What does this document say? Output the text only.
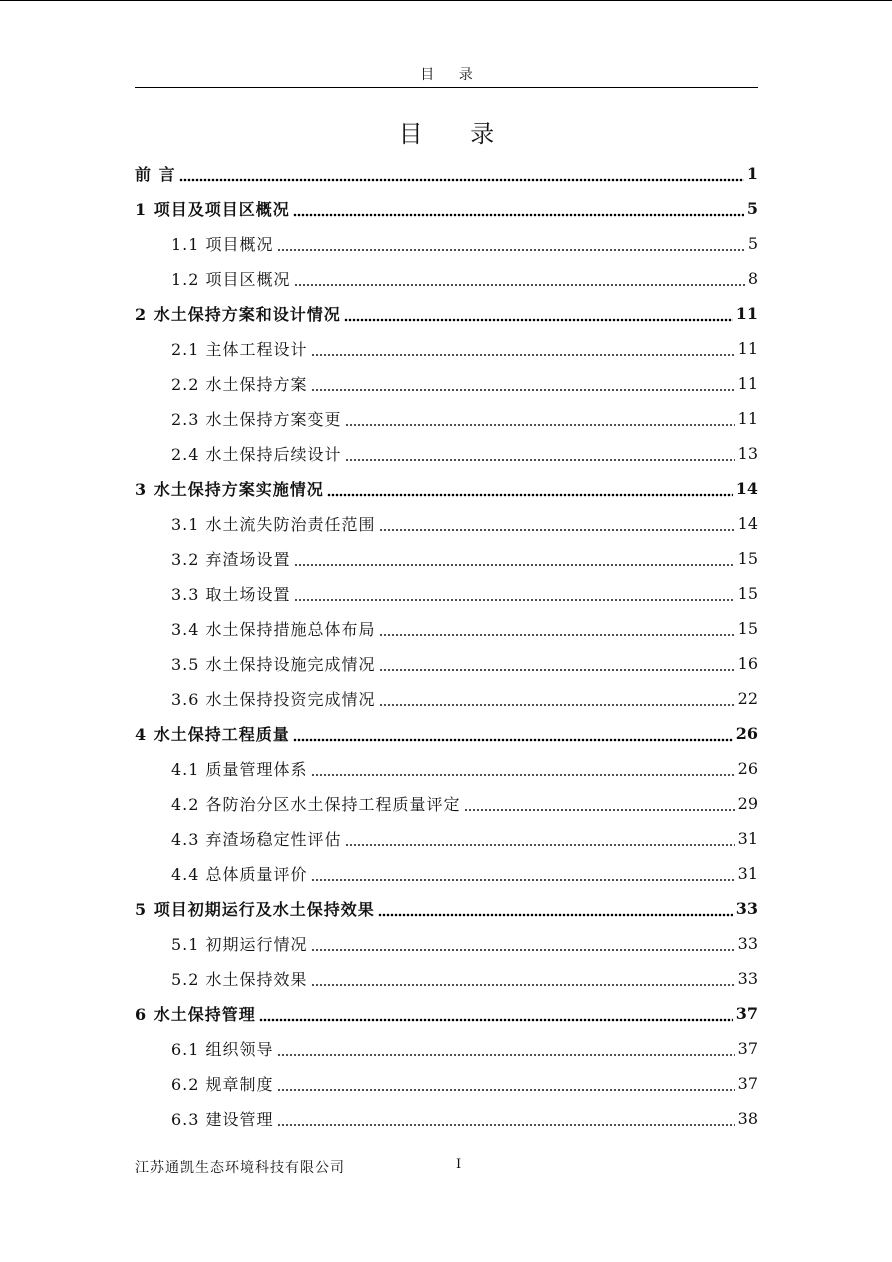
目 录
目 录
前 言	1
1 项目及项目区概况	5
1.1 项目概况	5
1.2 项目区概况	8
2 水土保持方案和设计情况	11
2.1 主体工程设计	11
2.2 水土保持方案	11
2.3 水土保持方案变更	11
2.4 水土保持后续设计	13
3 水土保持方案实施情况	14
3.1 水土流失防治责任范围	14
3.2 弃渣场设置	15
3.3 取土场设置	15
3.4 水土保持措施总体布局	15
3.5 水土保持设施完成情况	16
3.6 水土保持投资完成情况	22
4 水土保持工程质量	26
4.1 质量管理体系	26
4.2 各防治分区水土保持工程质量评定	29
4.3 弃渣场稳定性评估	31
4.4 总体质量评价	31
5 项目初期运行及水土保持效果	33
5.1 初期运行情况	33
5.2 水土保持效果	33
6 水土保持管理	37
6.1 组织领导	37
6.2 规章制度	37
6.3 建设管理	38
江苏通凯生态环境科技有限公司	I
